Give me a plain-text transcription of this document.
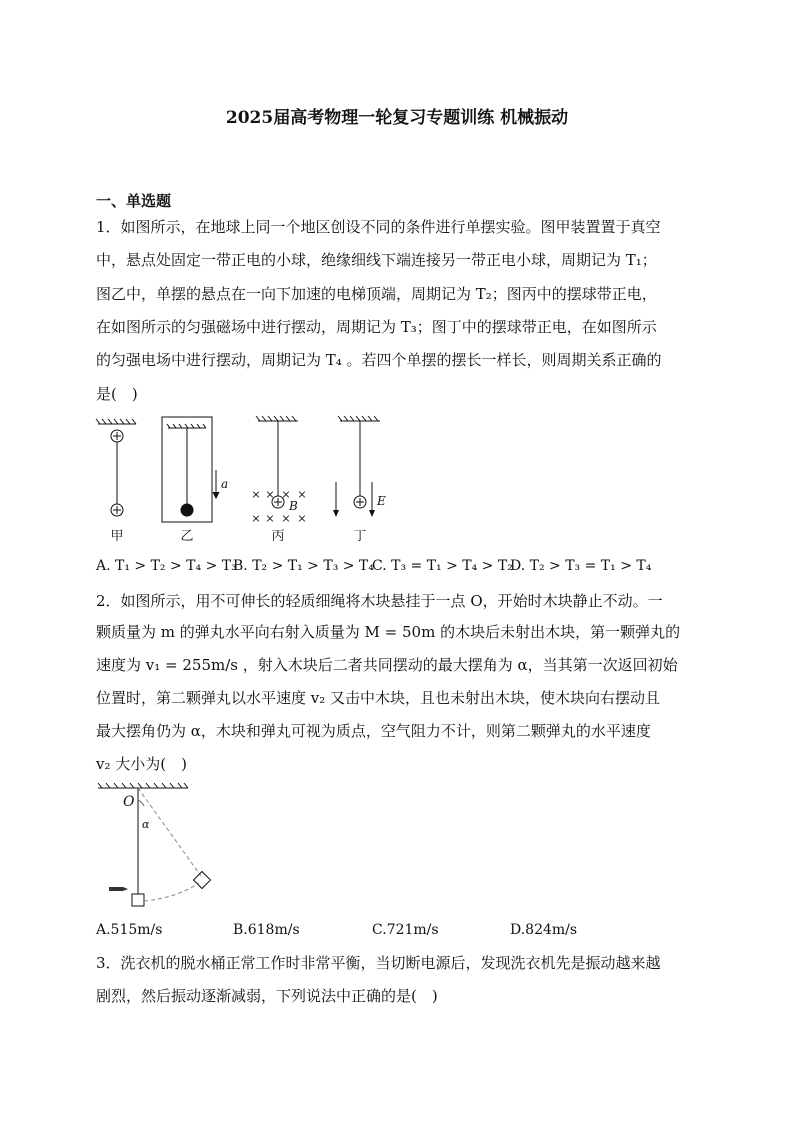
2025届高考物理一轮复习专题训练 机械振动
一、单选题
1．如图所示，在地球上同一个地区创设不同的条件进行单摆实验。图甲装置置于真空
中，悬点处固定一带正电的小球，绝缘细线下端连接另一带正电小球，周期记为 T₁；
图乙中，单摆的悬点在一向下加速的电梯顶端，周期记为 T₂；图丙中的摆球带正电，
在如图所示的匀强磁场中进行摆动，周期记为 T₃；图丁中的摆球带正电，在如图所示
的匀强电场中进行摆动，周期记为 T₄ 。若四个单摆的摆长一样长，则周期关系正确的
是(　)
× × × ×
× × × ×
a
B	E
甲	乙	丙	丁
A. T₁ > T₂ > T₄ > T₃
B. T₂ > T₁ > T₃ > T₄
C. T₃ = T₁ > T₄ > T₂
D. T₂ > T₃ = T₁ > T₄
2．如图所示，用不可伸长的轻质细绳将木块悬挂于一点 O，开始时木块静止不动。一
颗质量为 m 的弹丸水平向右射入质量为 M = 50m 的木块后未射出木块，第一颗弹丸的
速度为 v₁ = 255m/s ，射入木块后二者共同摆动的最大摆角为 α，当其第一次返回初始
位置时，第二颗弹丸以水平速度 v₂ 又击中木块，且也未射出木块，使木块向右摆动且
最大摆角仍为 α，木块和弹丸可视为质点，空气阻力不计，则第二颗弹丸的水平速度
v₂ 大小为(　)
O
α
A.515m/s	B.618m/s	C.721m/s	D.824m/s
3．洗衣机的脱水桶正常工作时非常平衡，当切断电源后，发现洗衣机先是振动越来越
剧烈，然后振动逐渐减弱，下列说法中正确的是(　)
